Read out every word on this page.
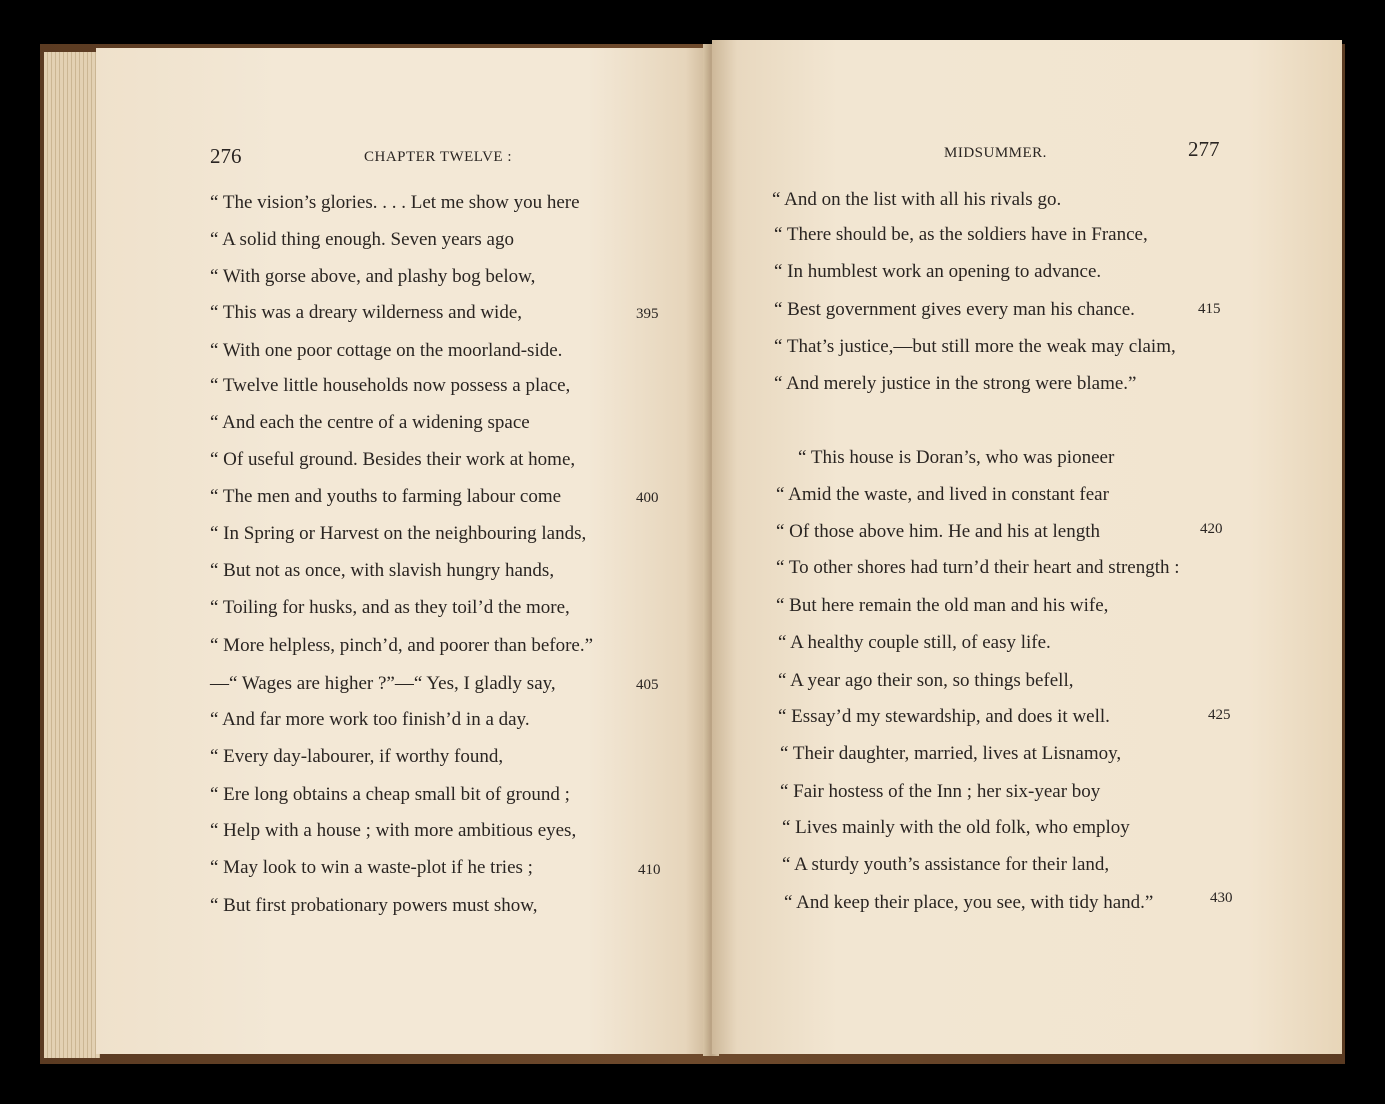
276	CHAPTER TWELVE :
“ The vision’s glories. . . . Let me show you here
“ A solid thing enough. Seven years ago
“ With gorse above, and plashy bog below,
“ This was a dreary wilderness and wide,	395
“ With one poor cottage on the moorland-side.
“ Twelve little households now possess a place,
“ And each the centre of a widening space
“ Of useful ground. Besides their work at home,
“ The men and youths to farming labour come	400
“ In Spring or Harvest on the neighbouring lands,
“ But not as once, with slavish hungry hands,
“ Toiling for husks, and as they toil’d the more,
“ More helpless, pinch’d, and poorer than before.”
—“ Wages are higher ?”—“ Yes, I gladly say,	405
“ And far more work too finish’d in a day.
“ Every day-labourer, if worthy found,
“ Ere long obtains a cheap small bit of ground ;
“ Help with a house ; with more ambitious eyes,
“ May look to win a waste-plot if he tries ;	410
“ But first probationary powers must show,
MIDSUMMER.	277
“ And on the list with all his rivals go.
“ There should be, as the soldiers have in France,
“ In humblest work an opening to advance.
“ Best government gives every man his chance.	415
“ That’s justice,—but still more the weak may claim,
“ And merely justice in the strong were blame.”
“ This house is Doran’s, who was pioneer
“ Amid the waste, and lived in constant fear
“ Of those above him. He and his at length	420
“ To other shores had turn’d their heart and strength :
“ But here remain the old man and his wife,
“ A healthy couple still, of easy life.
“ A year ago their son, so things befell,
“ Essay’d my stewardship, and does it well.	425
“ Their daughter, married, lives at Lisnamoy,
“ Fair hostess of the Inn ; her six-year boy
“ Lives mainly with the old folk, who employ
“ A sturdy youth’s assistance for their land,
“ And keep their place, you see, with tidy hand.”	430
